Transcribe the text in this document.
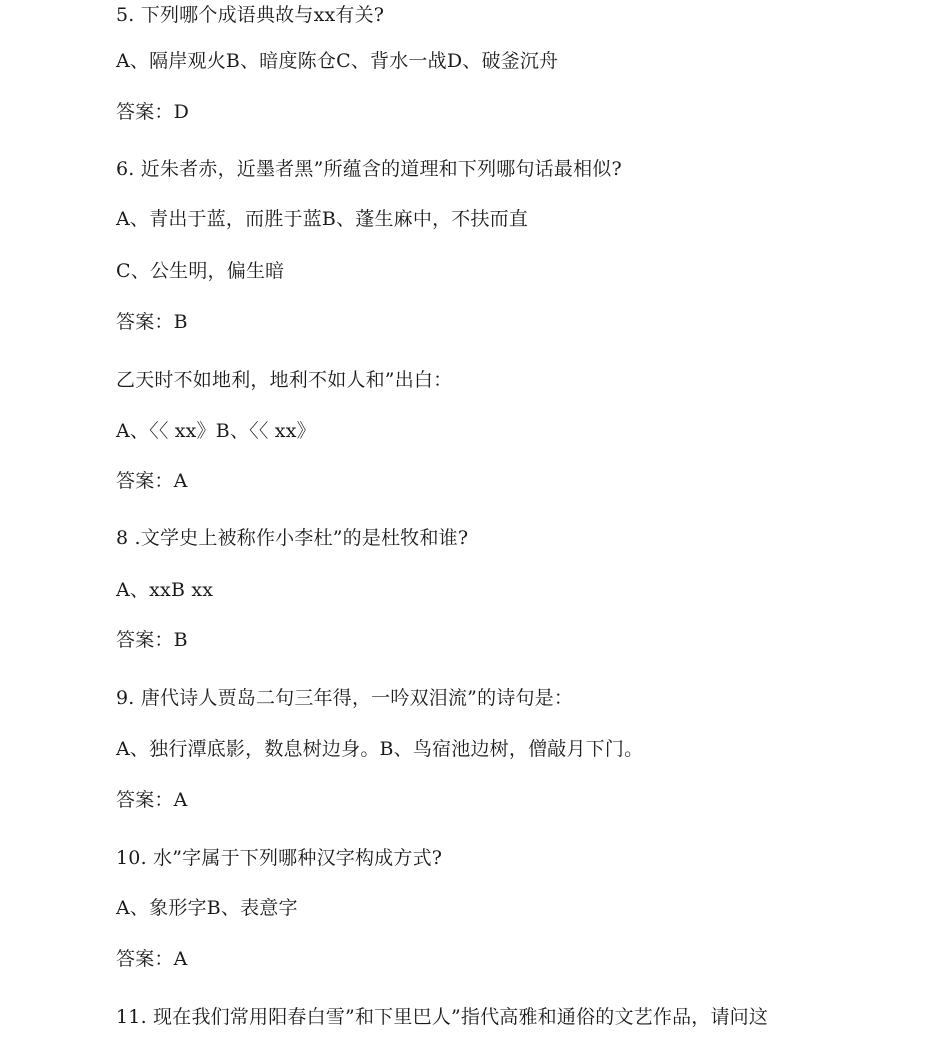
5. 下列哪个成语典故与xx有关?
A、隔岸观火B、暗度陈仓C、背水一战D、破釜沉舟
答案：D
6. 近朱者赤，近墨者黑”所蕴含的道理和下列哪句话最相似?
A、青出于蓝，而胜于蓝B、蓬生麻中，不扶而直
C、公生明，偏生暗
答案：B
乙天时不如地利，地利不如人和”出白：
A、〈〈 xx》B、〈〈 xx》
答案：A
8 .文学史上被称作小李杜”的是杜牧和谁?
A、xxB xx
答案：B
9. 唐代诗人贾岛二句三年得，一吟双泪流”的诗句是：
A、独行潭底影，数息树边身。B、鸟宿池边树，僧敲月下门。
答案：A
10. 水”字属于下列哪种汉字构成方式?
A、象形字B、表意字
答案：A
11. 现在我们常用阳春白雪”和下里巴人”指代高雅和通俗的文艺作品，请问这
